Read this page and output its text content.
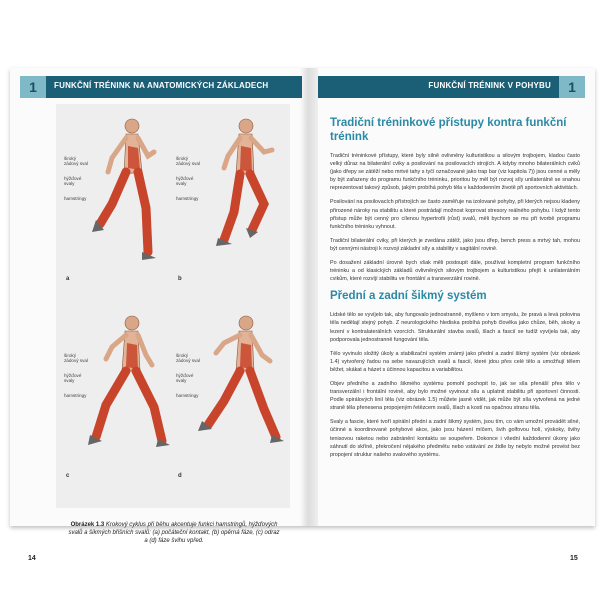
1	FUNKČNÍ TRÉNINK NA ANATOMICKÝCH ZÁKLADECH
široký zádový sval
hýžďové svaly
hamstringy
a
široký zádový sval
hýžďové svaly
hamstringy
b
široký zádový sval
hýžďové svaly
hamstringy
c
široký zádový sval
hýžďové svaly
hamstringy
d
Obrázek 1.3 Krokový cyklus při běhu akcentuje funkci hamstringů, hýžďových svalů a šikmých břišních svalů: (a) počáteční kontakt, (b) opěrná fáze, (c) odraz a (d) fáze švihu vpřed.
14
FUNKČNÍ TRÉNINK V POHYBU	1
Tradiční tréninkové přístupy kontra funkční trénink

Tradiční tréninkové přístupy, které byly silně ovlivněny kulturistikou a silovým trojbojem, kladou často velký důraz na bilaterální cviky a posilování na posilovacích strojích. A kdyby mnoho bilaterálních cviků (jako dřepy se zátěží nebo mrtvé tahy s tyčí označované jako trap bar (viz kapitola 7)) jsou cenné a měly by být zařazeny do programu funkčního tréninku, prioritou by měl být rozvoj síly unilaterálně se snahou reprezentovat takový způsob, jakým probíhá pohyb těla v každodenním životě při sportovních aktivitách.

Posilování na posilovacích přístrojích se často zaměřuje na izolované pohyby, při kterých nejsou kladeny přirozené nároky na stabilitu a které postrádají možnost koprovat stresory reálného pohybu. I když tento přístup může být cenný pro cílenou hypertrofii (růst) svalů, měli bychom se mu při tvorbě programu funkčního tréninku vyhnout.

Tradiční bilaterální cviky, při kterých je zvedána zátěž, jako jsou dřep, bench press a mrtvý tah, mohou být cennými nástroji k rozvoji základní síly a stability v sagitální rovině.

Po dosažení základní úrovně bych však měli postoupit dále, používat kompletní program funkčního tréninku a od klasických základů ovlivněných silovým trojbojem a kulturistikou přejít k unilaterálním cvikům, které rozvíjí stabilitu ve frontální a transverzální rovině.

Přední a zadní šikmý systém

Lidské tělo se vyvíjelo tak, aby fungovalo jednostranně, myšleno v tom smyslu, že pravá a levá polovina těla nedělají stejný pohyb. Z neurologického hlediska probíhá pohyb člověka jako chůze, běh, skoky a lezení v kontralaterálních vzorcích. Strukturální stavba svalů, šlach a fascií se tudíž vyvíjela tak, aby podporovala jednostranně fungování těla.

Tělo vyvinulo složitý úkoly a stabilizační systém známý jako přední a zadní šikmý systém (viz obrázek 1.4) vytvořený řadou na sebe navazujících svalů a fascií, které jdou přes celé tělo a umožňují tělem běžet, skákat a házet s účinnou kapacitou a variabilitou.

Objev předního a zadního šikmého systému pomohl pochopit to, jak se síla přenáší přes tělo v transverzální i frontální rovině, aby bylo možné vyvinout sílu a uplatnit stabilitu při sportovní činnosti. Podle spirálových linií těla (viz obrázek 1.5) můžete jasně vidět, jak může být síla vytvořená na jedné straně těla přenesena propojeným řetězcem svalů, šlach a kostí na opačnou stranu těla.

Svaly a fascie, které tvoří spirální přední a zadní šikmý systém, jsou tím, co vám umožní provádět silné, účinné a koordinované pohybové akce, jako jsou házení míčem, švih golfovou holí, výskoky, švihy tenisovou raketou nebo zabránění kontaktu se soupeřem. Dokonce i všední každodenní úkony jako sáhnutí do skříně, překročení nějakého předmětu nebo vstávání ze židle by nebylo možné provést bez propojení struktur našeho svalového systému.

15
